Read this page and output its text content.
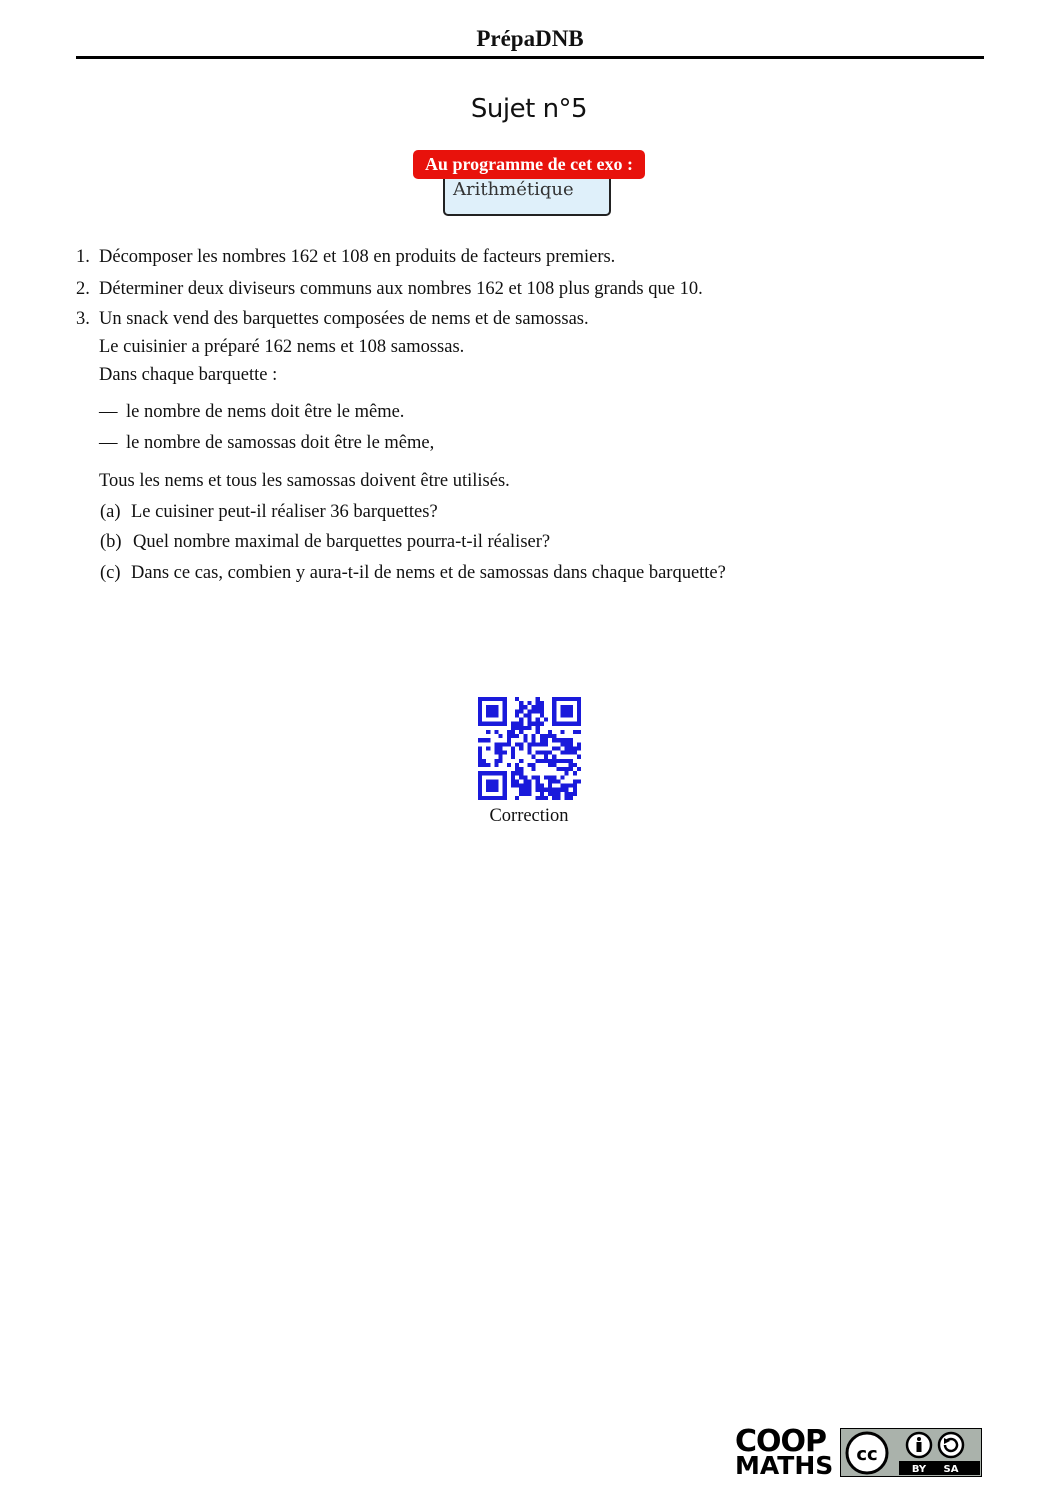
PrépaDNB
Sujet n°5
Arithmétique
Au programme de cet exo :
1. Décomposer les nombres 162 et 108 en produits de facteurs premiers.
2. Déterminer deux diviseurs communs aux nombres 162 et 108 plus grands que 10.
3. Un snack vend des barquettes composées de nems et de samossas.
Le cuisinier a préparé 162 nems et 108 samossas.
Dans chaque barquette :
— le nombre de nems doit être le même.
— le nombre de samossas doit être le même,
Tous les nems et tous les samossas doivent être utilisés.
(a) Le cuisiner peut-il réaliser 36 barquettes?
(b) Quel nombre maximal de barquettes pourra-t-il réaliser?
(c) Dans ce cas, combien y aura-t-il de nems et de samossas dans chaque barquette?
Correction
COOP
MATHS cc
BY SA
